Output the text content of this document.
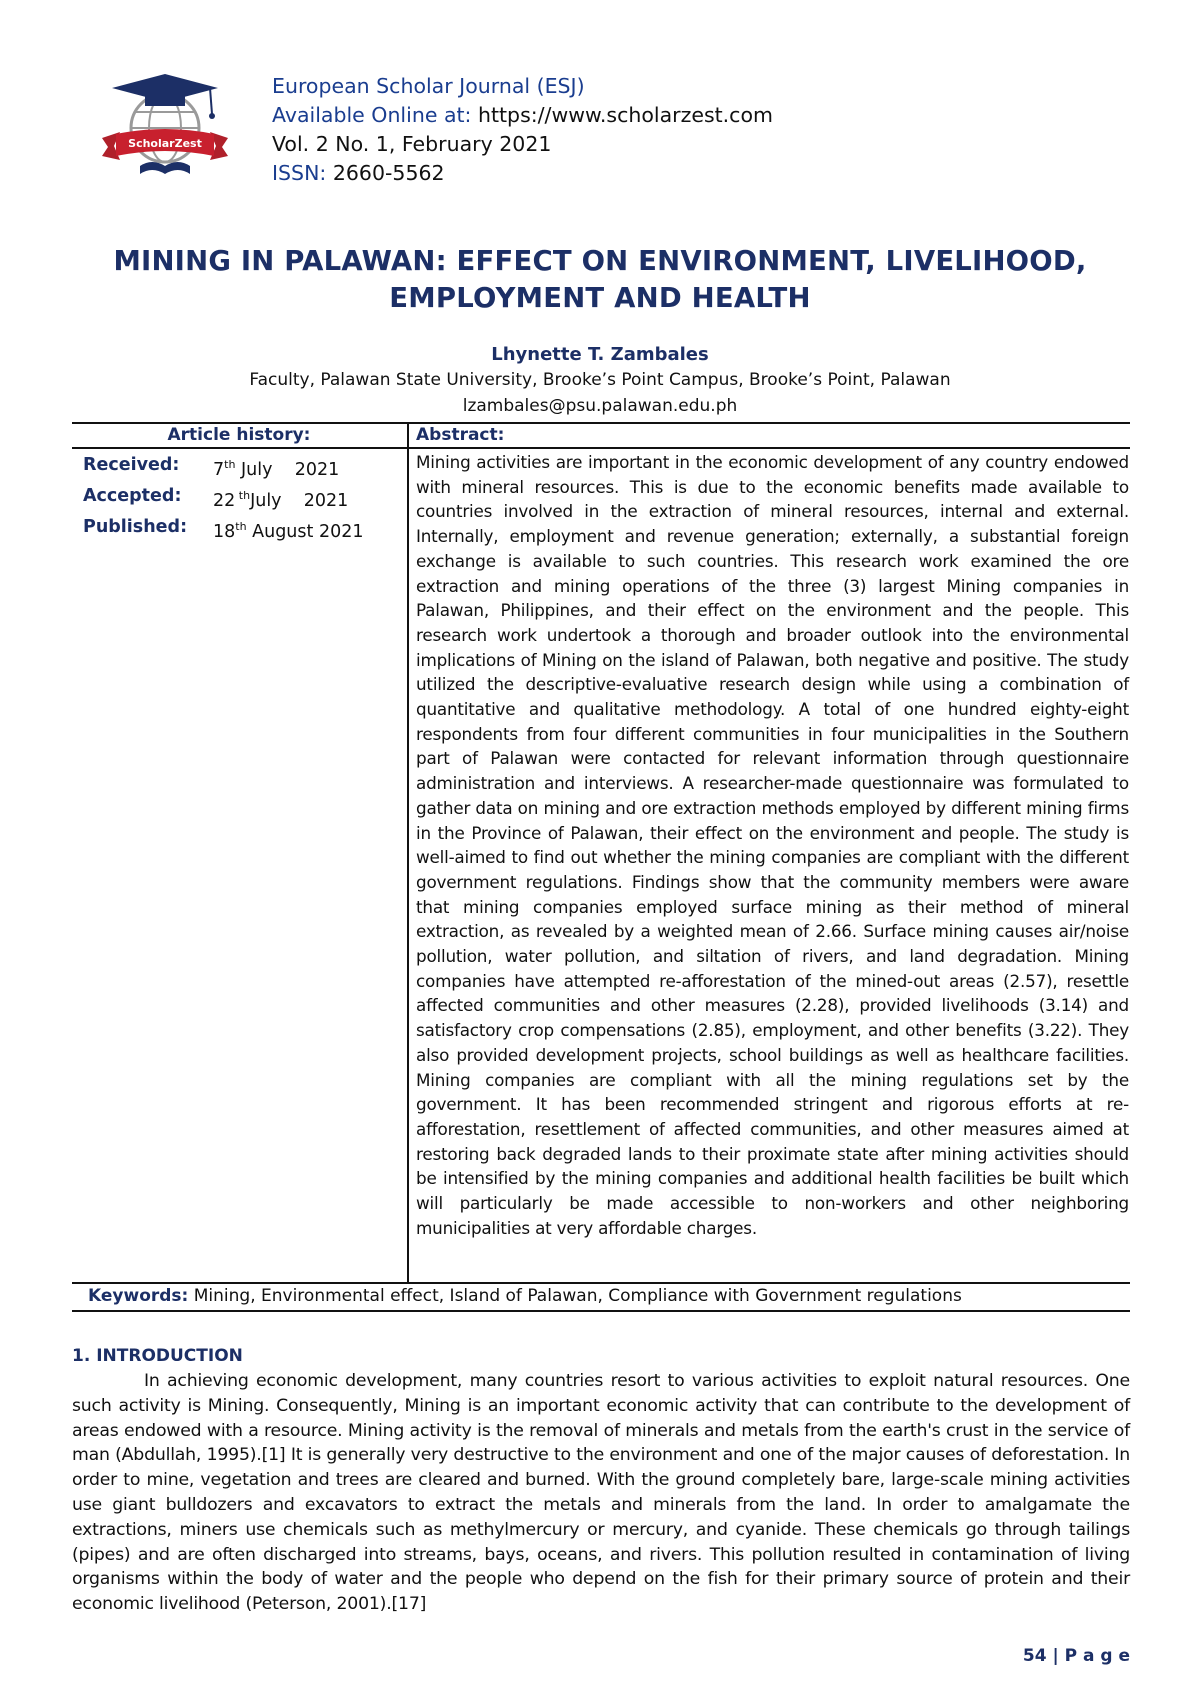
ScholarZest
European Scholar Journal (ESJ)
Available Online at: https://www.scholarzest.com
Vol. 2 No. 1, February 2021
ISSN: 2660-5562
MINING IN PALAWAN: EFFECT ON ENVIRONMENT, LIVELIHOOD,
EMPLOYMENT AND HEALTH
Lhynette T. Zambales
Faculty, Palawan State University, Brooke’s Point Campus, Brooke’s Point, Palawan
lzambales@psu.palawan.edu.ph
Article history:	Abstract:
Received:	7th July    2021
Accepted:	22 $^{th}$July    2021
Published:	18th August 2021
Mining activities are important in the economic development of any country endowed with mineral resources. This is due to the economic benefits made available to countries involved in the extraction of mineral resources, internal and external. Internally, employment and revenue generation; externally, a substantial foreign exchange is available to such countries. This research work examined the ore extraction and mining operations of the three (3) largest Mining companies in Palawan, Philippines, and their effect on the environment and the people. This research work undertook a thorough and broader outlook into the environmental implications of Mining on the island of Palawan, both negative and positive. The study utilized the descriptive-evaluative research design while using a combination of quantitative and qualitative methodology. A total of one hundred eighty-eight respondents from four different communities in four municipalities in the Southern part of Palawan were contacted for relevant information through questionnaire administration and interviews. A researcher-made questionnaire was formulated to gather data on mining and ore extraction methods employed by different mining firms in the Province of Palawan, their effect on the environment and people. The study is well-aimed to find out whether the mining companies are compliant with the different government regulations. Findings show that the community members were aware that mining companies employed surface mining as their method of mineral extraction, as revealed by a weighted mean of 2.66. Surface mining causes air/noise pollution, water pollution, and siltation of rivers, and land degradation. Mining companies have attempted re-afforestation of the mined-out areas (2.57), resettle affected communities and other measures (2.28), provided livelihoods (3.14) and satisfactory crop compensations (2.85), employment, and other benefits (3.22). They also provided development projects, school buildings as well as healthcare facilities. Mining companies are compliant with all the mining regulations set by the government. It has been recommended stringent and rigorous efforts at re-afforestation, resettlement of affected communities, and other measures aimed at restoring back degraded lands to their proximate state after mining activities should be intensified by the mining companies and additional health facilities be built which will particularly be made accessible to non-workers and other neighboring municipalities at very affordable charges.
Keywords: Mining, Environmental effect, Island of Palawan, Compliance with Government regulations
1. INTRODUCTION
In achieving economic development, many countries resort to various activities to exploit natural resources. One such activity is Mining. Consequently, Mining is an important economic activity that can contribute to the development of areas endowed with a resource. Mining activity is the removal of minerals and metals from the earth's crust in the service of man (Abdullah, 1995).[1] It is generally very destructive to the environment and one of the major causes of deforestation. In order to mine, vegetation and trees are cleared and burned. With the ground completely bare, large-scale mining activities use giant bulldozers and excavators to extract the metals and minerals from the land. In order to amalgamate the extractions, miners use chemicals such as methylmercury or mercury, and cyanide. These chemicals go through tailings (pipes) and are often discharged into streams, bays, oceans, and rivers. This pollution resulted in contamination of living organisms within the body of water and the people who depend on the fish for their primary source of protein and their economic livelihood (Peterson, 2001).[17]
54 | P a g e
